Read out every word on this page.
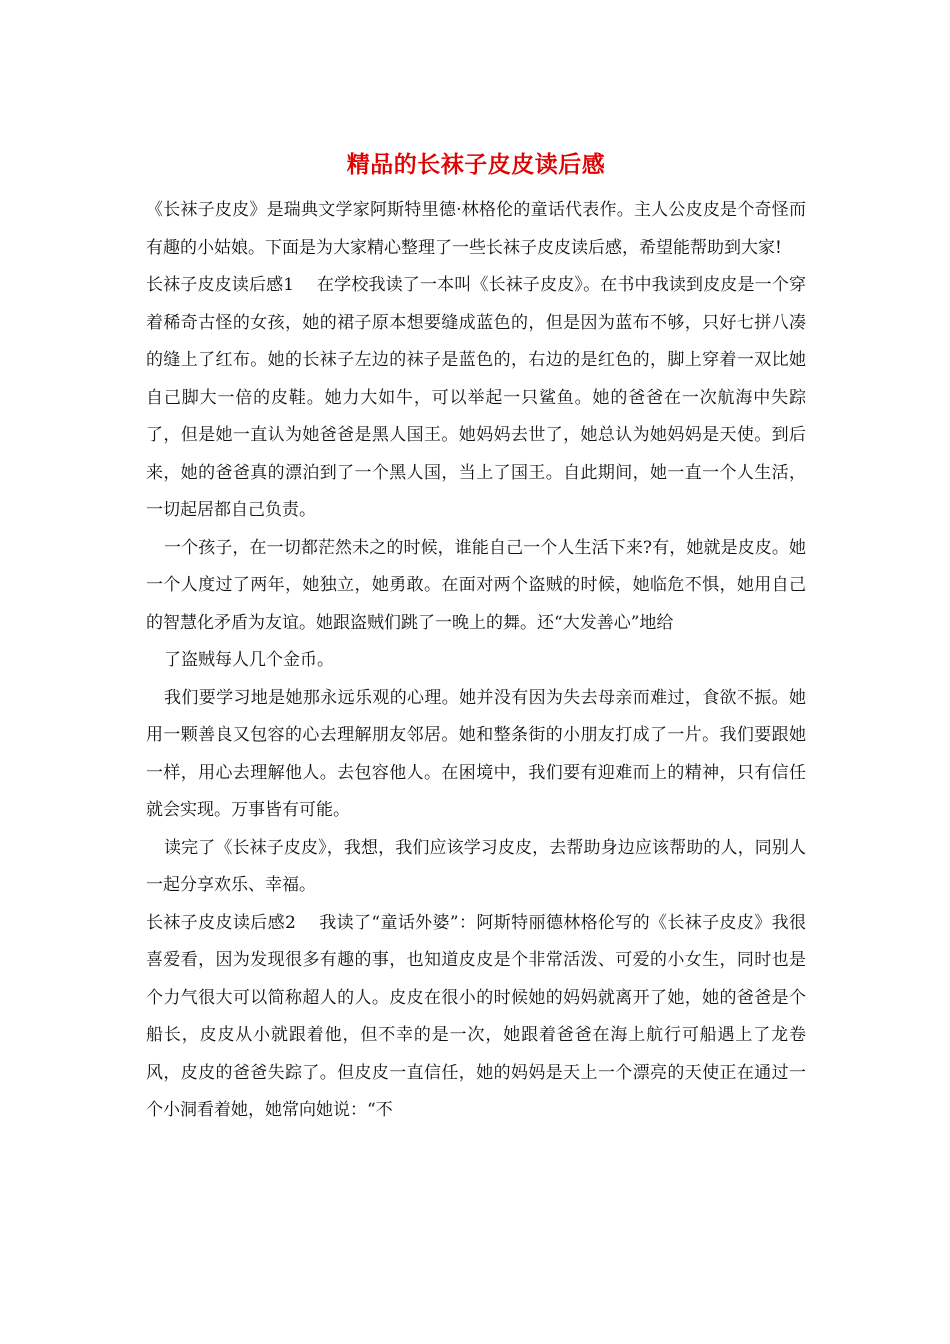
精品的长袜子皮皮读后感

《长袜子皮皮》是瑞典文学家阿斯特里德·林格伦的童话代表作。主人公皮皮是个奇怪而有趣的小姑娘。下面是为大家精心整理了一些长袜子皮皮读后感，希望能帮助到大家!

长袜子皮皮读后感1　 在学校我读了一本叫《长袜子皮皮》。在书中我读到皮皮是一个穿着稀奇古怪的女孩，她的裙子原本想要缝成蓝色的，但是因为蓝布不够，只好七拼八凑的缝上了红布。她的长袜子左边的袜子是蓝色的，右边的是红色的，脚上穿着一双比她自己脚大一倍的皮鞋。她力大如牛，可以举起一只鲨鱼。她的爸爸在一次航海中失踪了，但是她一直认为她爸爸是黑人国王。她妈妈去世了，她总认为她妈妈是天使。到后来，她的爸爸真的漂泊到了一个黑人国，当上了国王。自此期间，她一直一个人生活，一切起居都自己负责。

一个孩子，在一切都茫然未之的时候，谁能自己一个人生活下来?有，她就是皮皮。她一个人度过了两年，她独立，她勇敢。在面对两个盗贼的时候，她临危不惧，她用自己的智慧化矛盾为友谊。她跟盗贼们跳了一晚上的舞。还“大发善心”地给

了盗贼每人几个金币。

我们要学习地是她那永远乐观的心理。她并没有因为失去母亲而难过，食欲不振。她用一颗善良又包容的心去理解朋友邻居。她和整条街的小朋友打成了一片。我们要跟她一样，用心去理解他人。去包容他人。在困境中，我们要有迎难而上的精神，只有信任就会实现。万事皆有可能。

读完了《长袜子皮皮》，我想，我们应该学习皮皮，去帮助身边应该帮助的人，同别人一起分享欢乐、幸福。

长袜子皮皮读后感2　 我读了“童话外婆”：阿斯特丽德林格伦写的《长袜子皮皮》我很喜爱看，因为发现很多有趣的事，也知道皮皮是个非常活泼、可爱的小女生，同时也是个力气很大可以简称超人的人。皮皮在很小的时候她的妈妈就离开了她，她的爸爸是个船长，皮皮从小就跟着他，但不幸的是一次，她跟着爸爸在海上航行可船遇上了龙卷风，皮皮的爸爸失踪了。但皮皮一直信任，她的妈妈是天上一个漂亮的天使正在通过一个小洞看着她，她常向她说：“不
